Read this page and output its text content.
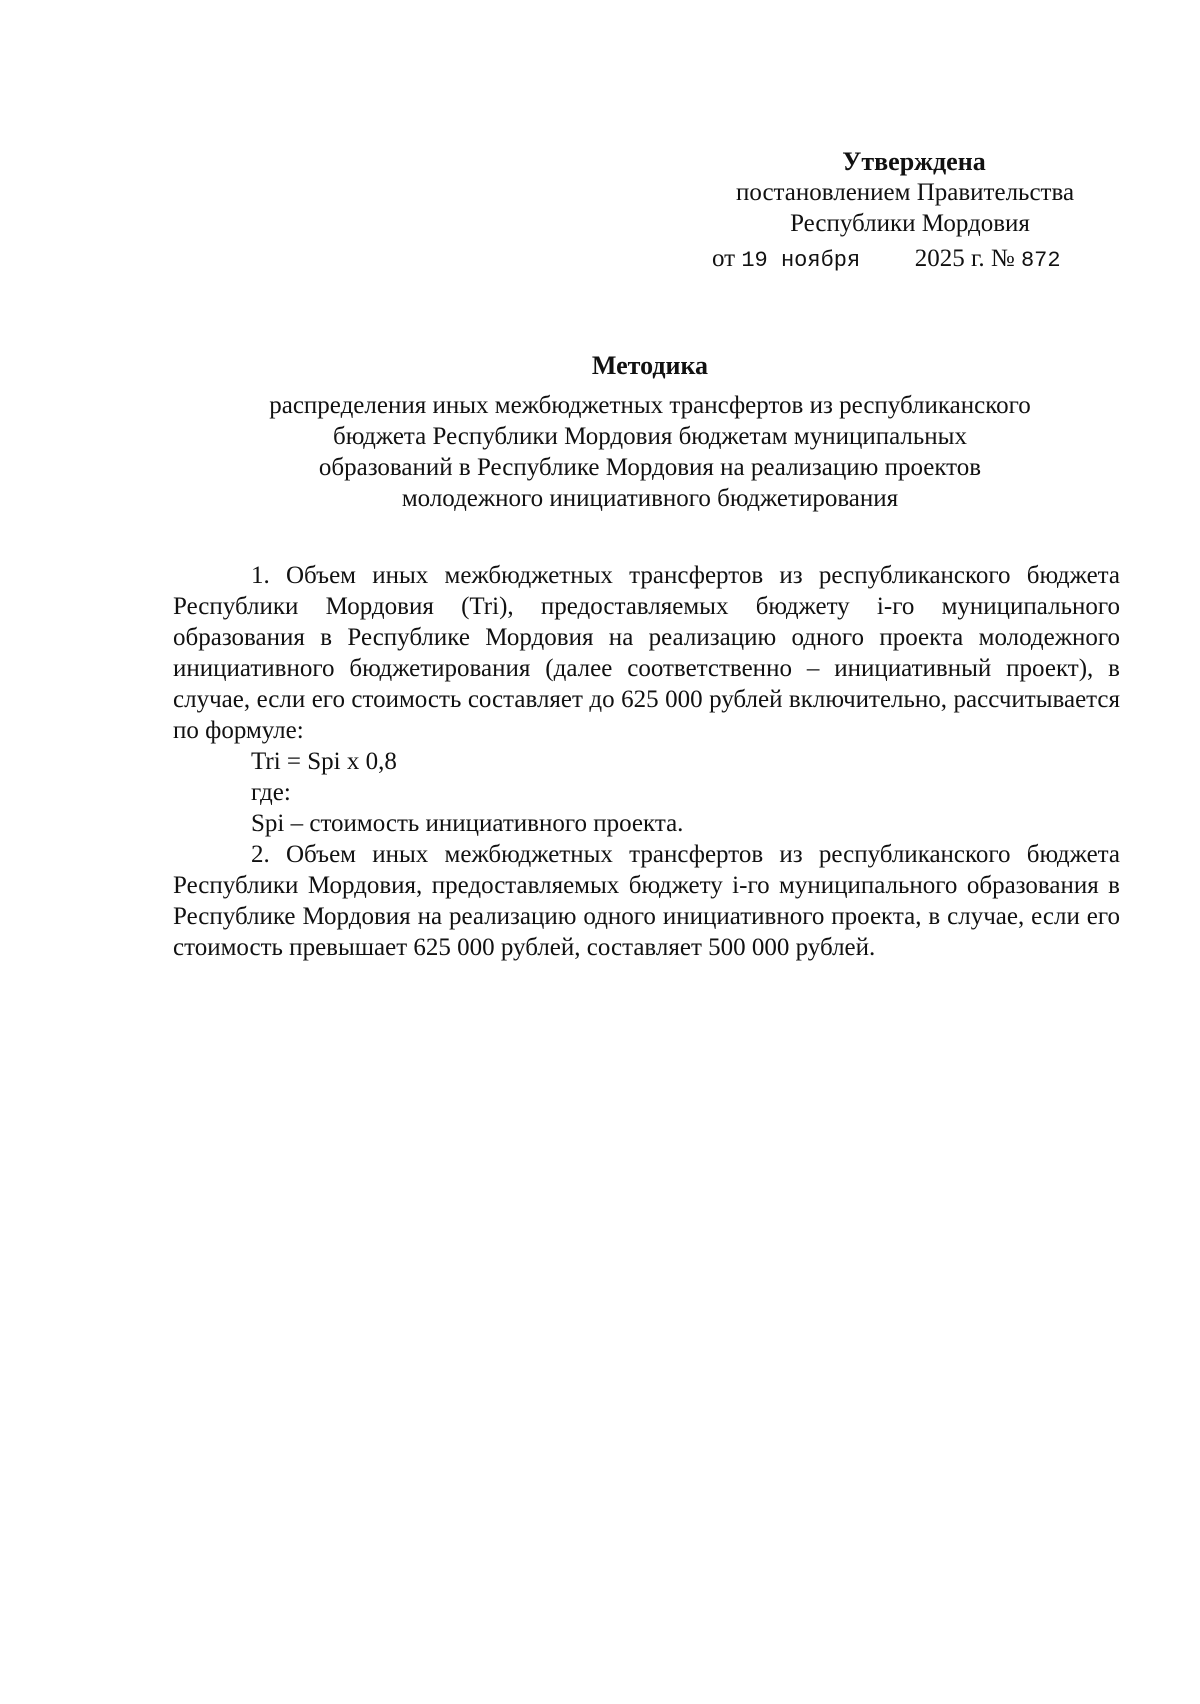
Утверждена
постановлением Правительства
Республики Мордовия
от 19 ноября 2025 г. № 872
Методика
распределения иных межбюджетных трансфертов из республиканского
бюджета Республики Мордовия бюджетам муниципальных
образований в Республике Мордовия на реализацию проектов
молодежного инициативного бюджетирования

1. Объем иных межбюджетных трансфертов из республиканского бюджета Республики Мордовия (Tri), предоставляемых бюджету i-го муниципального образования в Республике Мордовия на реализацию одного проекта молодежного инициативного бюджетирования (далее соответственно – инициативный проект), в случае, если его стоимость составляет до 625 000 рублей включительно, рассчитывается по формуле:

Tri = Spi x 0,8

где:

Spi – стоимость инициативного проекта.

2. Объем иных межбюджетных трансфертов из республиканского бюджета Республики Мордовия, предоставляемых бюджету i-го муниципального образования в Республике Мордовия на реализацию одного инициативного проекта, в случае, если его стоимость превышает 625 000 рублей, составляет 500 000 рублей.
